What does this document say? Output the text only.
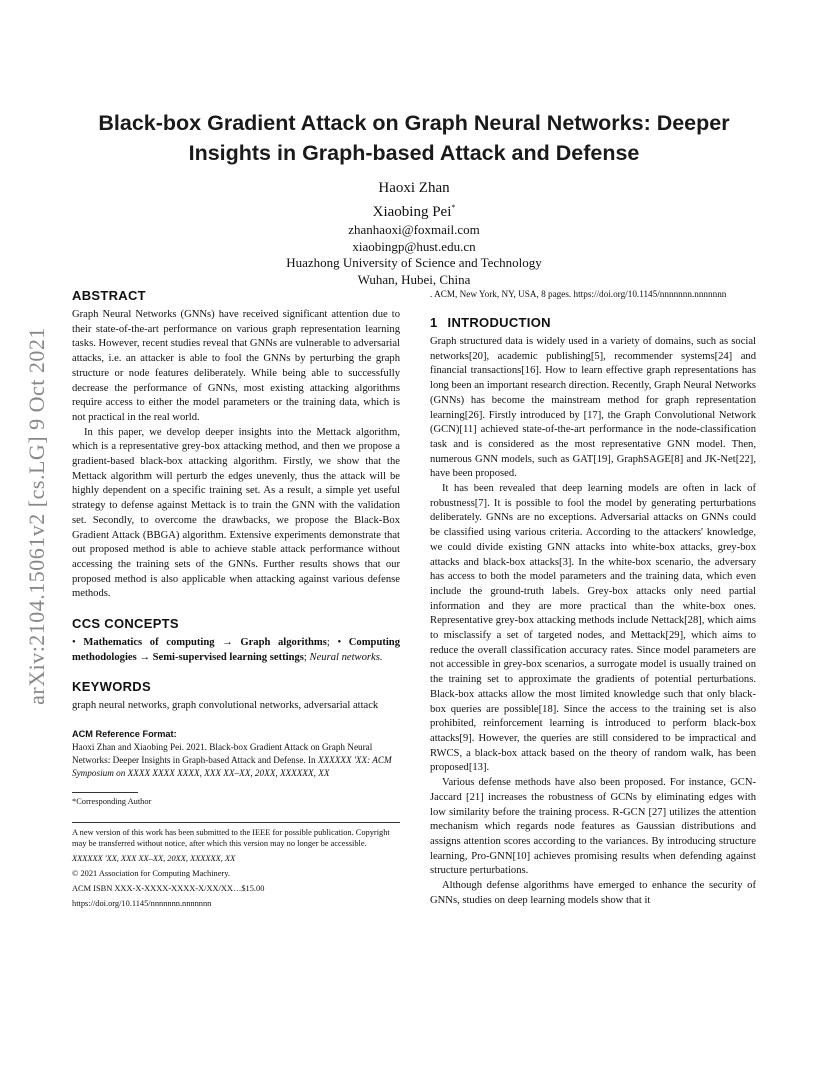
arXiv:2104.15061v2 [cs.LG] 9 Oct 2021
Black-box Gradient Attack on Graph Neural Networks: Deeper Insights in Graph-based Attack and Defense
Haoxi Zhan
Xiaobing Pei*
zhanhaoxi@foxmail.com
xiaobingp@hust.edu.cn
Huazhong University of Science and Technology
Wuhan, Hubei, China
ABSTRACT

Graph Neural Networks (GNNs) have received significant attention due to their state-of-the-art performance on various graph representation learning tasks. However, recent studies reveal that GNNs are vulnerable to adversarial attacks, i.e. an attacker is able to fool the GNNs by perturbing the graph structure or node features deliberately. While being able to successfully decrease the performance of GNNs, most existing attacking algorithms require access to either the model parameters or the training data, which is not practical in the real world.

In this paper, we develop deeper insights into the Mettack algorithm, which is a representative grey-box attacking method, and then we propose a gradient-based black-box attacking algorithm. Firstly, we show that the Mettack algorithm will perturb the edges unevenly, thus the attack will be highly dependent on a specific training set. As a result, a simple yet useful strategy to defense against Mettack is to train the GNN with the validation set. Secondly, to overcome the drawbacks, we propose the Black-Box Gradient Attack (BBGA) algorithm. Extensive experiments demonstrate that out proposed method is able to achieve stable attack performance without accessing the training sets of the GNNs. Further results shows that our proposed method is also applicable when attacking against various defense methods.

CCS CONCEPTS

• Mathematics of computing → Graph algorithms; • Computing methodologies → Semi-supervised learning settings; Neural networks.

KEYWORDS

graph neural networks, graph convolutional networks, adversarial attack

ACM Reference Format:

Haoxi Zhan and Xiaobing Pei. 2021. Black-box Gradient Attack on Graph Neural Networks: Deeper Insights in Graph-based Attack and Defense. In XXXXXX 'XX: ACM Symposium on XXXX XXXX XXXX, XXX XX–XX, 20XX, XXXXXX, XX

*Corresponding Author

A new version of this work has been submitted to the IEEE for possible publication. Copyright may be transferred without notice, after which this version may no longer be accessible.

XXXXXX 'XX, XXX XX–XX, 20XX, XXXXXX, XX

© 2021 Association for Computing Machinery.

ACM ISBN XXX-X-XXXX-XXXX-X/XX/XX…$15.00

https://doi.org/10.1145/nnnnnnn.nnnnnnn

. ACM, New York, NY, USA, 8 pages. https://doi.org/10.1145/nnnnnnn.nnnnnnn

1 INTRODUCTION

Graph structured data is widely used in a variety of domains, such as social networks[20], academic publishing[5], recommender systems[24] and financial transactions[16]. How to learn effective graph representations has long been an important research direction. Recently, Graph Neural Networks (GNNs) has become the mainstream method for graph representation learning[26]. Firstly introduced by [17], the Graph Convolutional Network (GCN)[11] achieved state-of-the-art performance in the node-classification task and is considered as the most representative GNN model. Then, numerous GNN models, such as GAT[19], GraphSAGE[8] and JK-Net[22], have been proposed.

It has been revealed that deep learning models are often in lack of robustness[7]. It is possible to fool the model by generating perturbations deliberately. GNNs are no exceptions. Adversarial attacks on GNNs could be classified using various criteria. According to the attackers' knowledge, we could divide existing GNN attacks into white-box attacks, grey-box attacks and black-box attacks[3]. In the white-box scenario, the adversary has access to both the model parameters and the training data, which even include the ground-truth labels. Grey-box attacks only need partial information and they are more practical than the white-box ones. Representative grey-box attacking methods include Nettack[28], which aims to misclassify a set of targeted nodes, and Mettack[29], which aims to reduce the overall classification accuracy rates. Since model parameters are not accessible in grey-box scenarios, a surrogate model is usually trained on the training set to approximate the gradients of potential perturbations. Black-box attacks allow the most limited knowledge such that only black-box queries are possible[18]. Since the access to the training set is also prohibited, reinforcement learning is introduced to perform black-box attacks[9]. However, the queries are still considered to be impractical and RWCS, a black-box attack based on the theory of random walk, has been proposed[13].

Various defense methods have also been proposed. For instance, GCN-Jaccard [21] increases the robustness of GCNs by eliminating edges with low similarity before the training process. R-GCN [27] utilizes the attention mechanism which regards node features as Gaussian distributions and assigns attention scores according to the variances. By introducing structure learning, Pro-GNN[10] achieves promising results when defending against structure perturbations.

Although defense algorithms have emerged to enhance the security of GNNs, studies on deep learning models show that it
